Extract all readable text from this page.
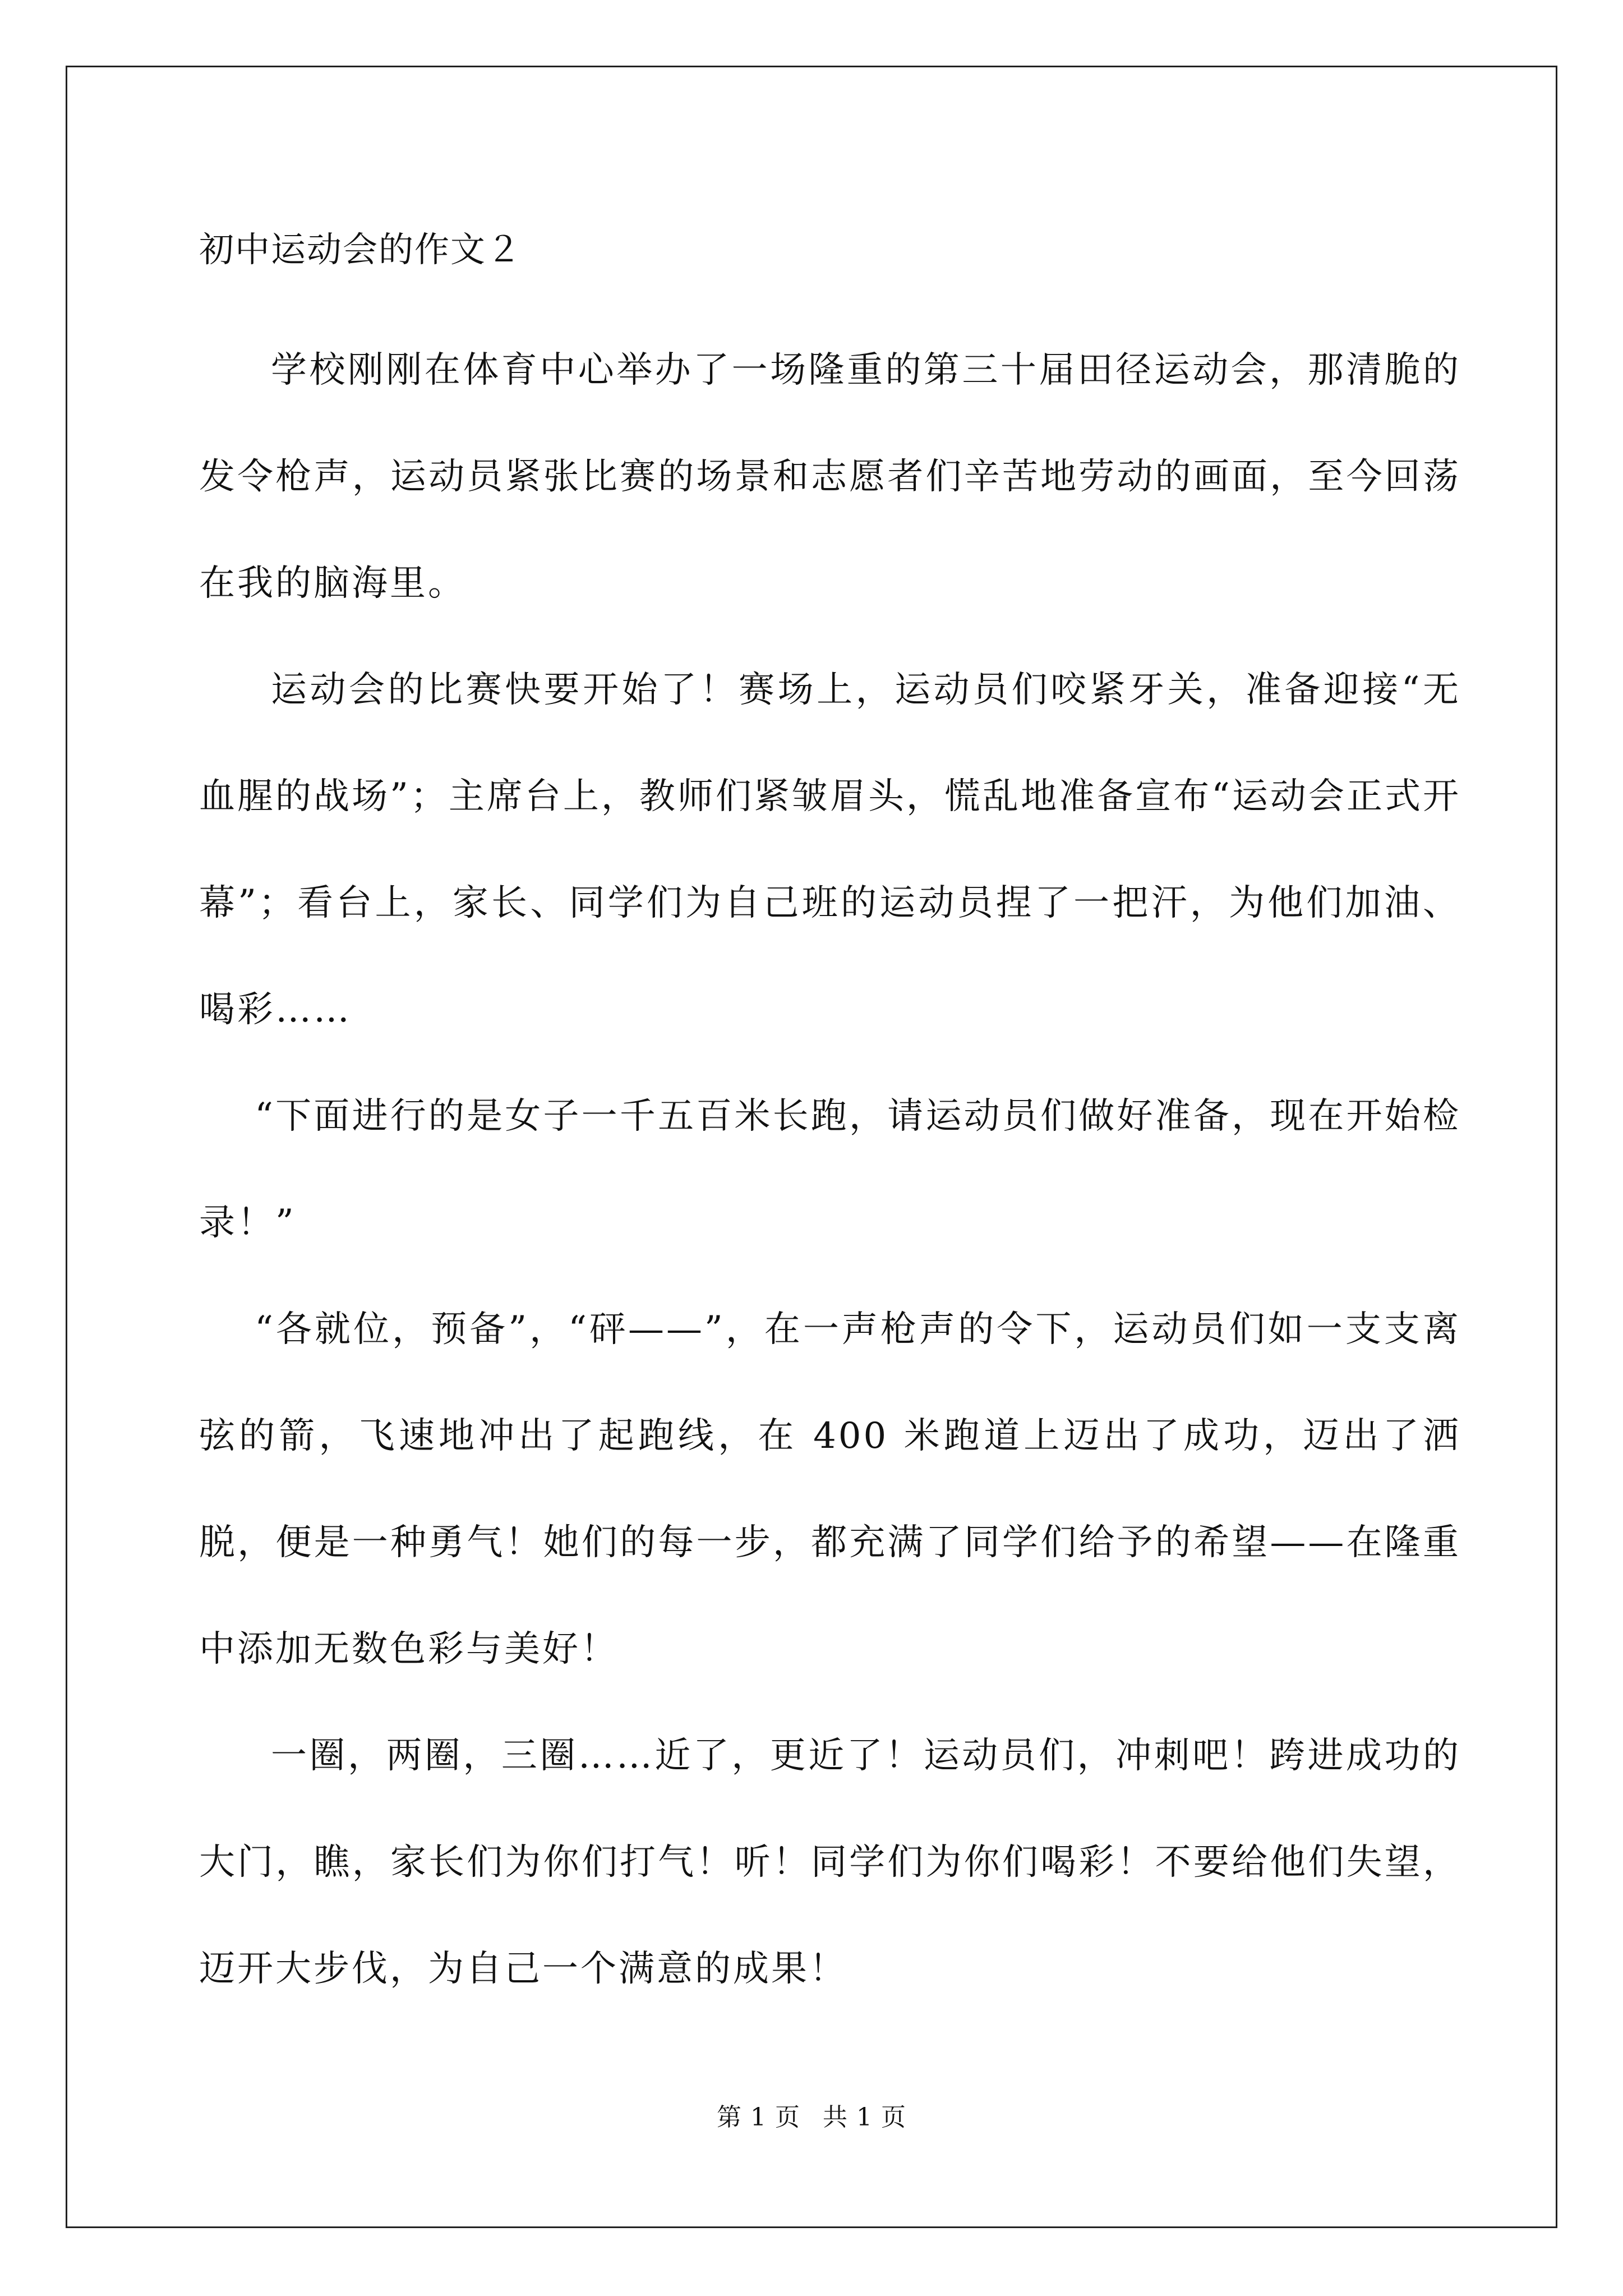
初中运动会的作文２

学校刚刚在体育中心举办了一场隆重的第三十届田径运动会，那清脆的发令枪声，运动员紧张比赛的场景和志愿者们辛苦地劳动的画面，至今回荡在我的脑海里。

运动会的比赛快要开始了！赛场上，运动员们咬紧牙关，准备迎接“无血腥的战场”；主席台上，教师们紧皱眉头，慌乱地准备宣布“运动会正式开幕”；看台上，家长、同学们为自己班的运动员捏了一把汗，为他们加油、喝彩……

“下面进行的是女子一千五百米长跑，请运动员们做好准备，现在开始检录！”

“各就位，预备”，“砰——”，在一声枪声的令下，运动员们如一支支离弦的箭，飞速地冲出了起跑线，在 400 米跑道上迈出了成功，迈出了洒脱，便是一种勇气！她们的每一步，都充满了同学们给予的希望——在隆重中添加无数色彩与美好！

一圈，两圈，三圈……近了，更近了！运动员们，冲刺吧！跨进成功的大门，瞧，家长们为你们打气！听！同学们为你们喝彩！不要给他们失望，迈开大步伐，为自己一个满意的成果！

第 1 页 共 1 页
